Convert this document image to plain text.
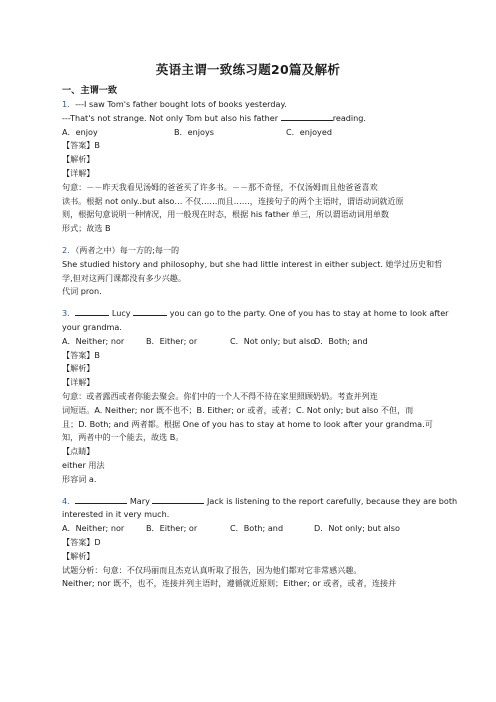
英语主谓一致练习题20篇及解析

一、主谓一致

1．---I saw Tom's father bought lots of books yesterday.

---That's not strange. Not only Tom but also his father	reading.

A．enjoy	B．enjoys	C．enjoyed

【答案】B

【解析】

【详解】

句意：－－昨天我看见汤姆的爸爸买了许多书。－－那不奇怪，不仅汤姆而且他爸爸喜欢

读书。根据 not only..but also… 不仅……而且……，连接句子的两个主语时，谓语动词就近原

则，根据句意说明一种情况，用一般现在时态，根据 his father 单三，所以谓语动词用单数

形式；故选 B

2．（两者之中）每一方的;每一的

She studied history and philosophy, but she had little interest in either subject. 她学过历史和哲

学,但对这两门课都没有多少兴趣。

代词 pron.

3．	Lucy	you can go to the party. One of you has to stay at home to look after

your grandma.

A．Neither; nor	B．Either; or	C．Not only; but alsoD．Both; and

【答案】B

【解析】

【详解】

句意：或者露西或者你能去聚会。你们中的一个人不得不待在家里照顾奶奶。考查并列连

词短语。A. Neither; nor 既不也不；B. Either; or 或者，或者；C. Not only; but also 不但，而

且；D. Both; and 两者都。根据 One of you has to stay at home to look after your grandma.可

知，两者中的一个能去，故选 B。

【点睛】

either 用法

形容词 a.

4．	Mary	Jack is listening to the report carefully, because they are both

interested in it very much.

A．Neither; nor	B．Either; or	C．Both; and	D．Not only; but also

【答案】D

【解析】

试题分析：句意：不仅玛丽而且杰克认真听取了报告，因为他们都对它非常感兴趣。

Neither; nor 既不，也不，连接并列主语时，遵循就近原则；Either; or 或者，或者，连接并
